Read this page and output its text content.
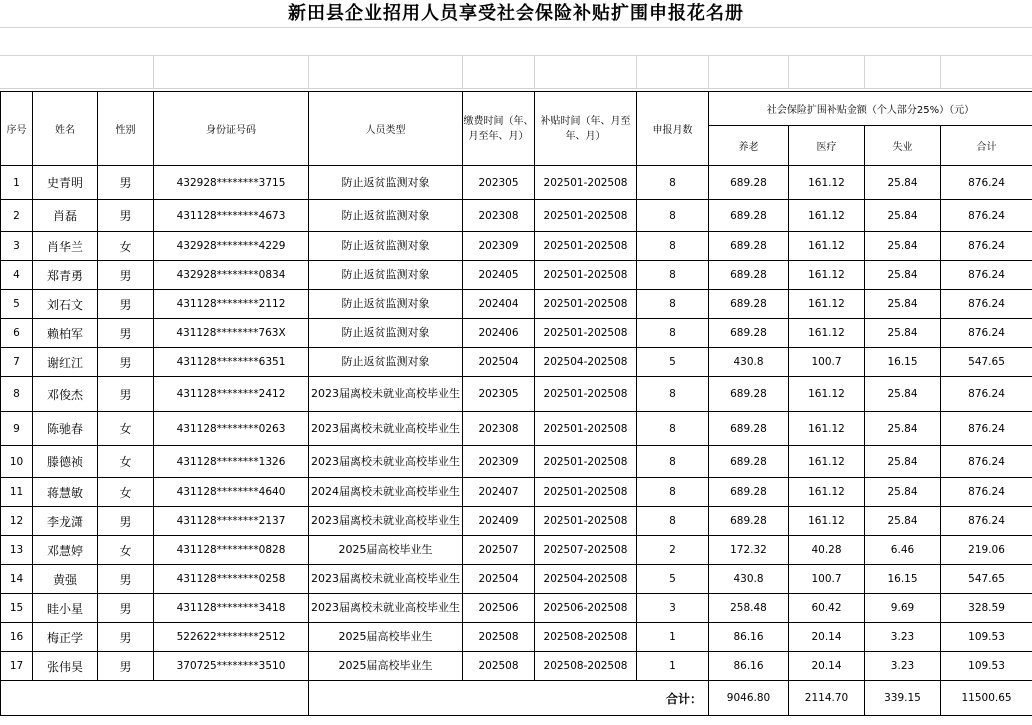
新田县企业招用人员享受社会保险补贴扩围申报花名册
序号	姓名	性别	身份证号码	人员类型	缴费时间（年、月至年、月）	补贴时间（年、月至年、月）	申报月数	社会保险扩围补贴金额（个人部分25%）（元）			
								养老	医疗	失业	合计
1	史青明	男	432928********3715	防止返贫监测对象	202305	202501-202508	8	689.28	161.12	25.84	876.24
2	肖磊	男	431128********4673	防止返贫监测对象	202308	202501-202508	8	689.28	161.12	25.84	876.24
3	肖华兰	女	432928********4229	防止返贫监测对象	202309	202501-202508	8	689.28	161.12	25.84	876.24
4	郑青勇	男	432928********0834	防止返贫监测对象	202405	202501-202508	8	689.28	161.12	25.84	876.24
5	刘石文	男	431128********2112	防止返贫监测对象	202404	202501-202508	8	689.28	161.12	25.84	876.24
6	赖柏军	男	431128********763X	防止返贫监测对象	202406	202501-202508	8	689.28	161.12	25.84	876.24
7	谢红江	男	431128********6351	防止返贫监测对象	202504	202504-202508	5	430.8	100.7	16.15	547.65
8	邓俊杰	男	431128********2412	2023届离校未就业高校毕业生	202305	202501-202508	8	689.28	161.12	25.84	876.24
9	陈驰春	女	431128********0263	2023届离校未就业高校毕业生	202308	202501-202508	8	689.28	161.12	25.84	876.24
10	滕德祯	女	431128********1326	2023届离校未就业高校毕业生	202309	202501-202508	8	689.28	161.12	25.84	876.24
11	蒋慧敏	女	431128********4640	2024届离校未就业高校毕业生	202407	202501-202508	8	689.28	161.12	25.84	876.24
12	李龙潇	男	431128********2137	2023届离校未就业高校毕业生	202409	202501-202508	8	689.28	161.12	25.84	876.24
13	邓慧婷	女	431128********0828	2025届高校毕业生	202507	202507-202508	2	172.32	40.28	6.46	219.06
14	黄强	男	431128********0258	2023届离校未就业高校毕业生	202504	202504-202508	5	430.8	100.7	16.15	547.65
15	眭小星	男	431128********3418	2023届离校未就业高校毕业生	202506	202506-202508	3	258.48	60.42	9.69	328.59
16	梅正学	男	522622********2512	2025届高校毕业生	202508	202508-202508	1	86.16	20.14	3.23	109.53
17	张伟昊	男	370725********3510	2025届高校毕业生	202508	202508-202508	1	86.16	20.14	3.23	109.53
				合计：				9046.80	2114.70	339.15	11500.65
